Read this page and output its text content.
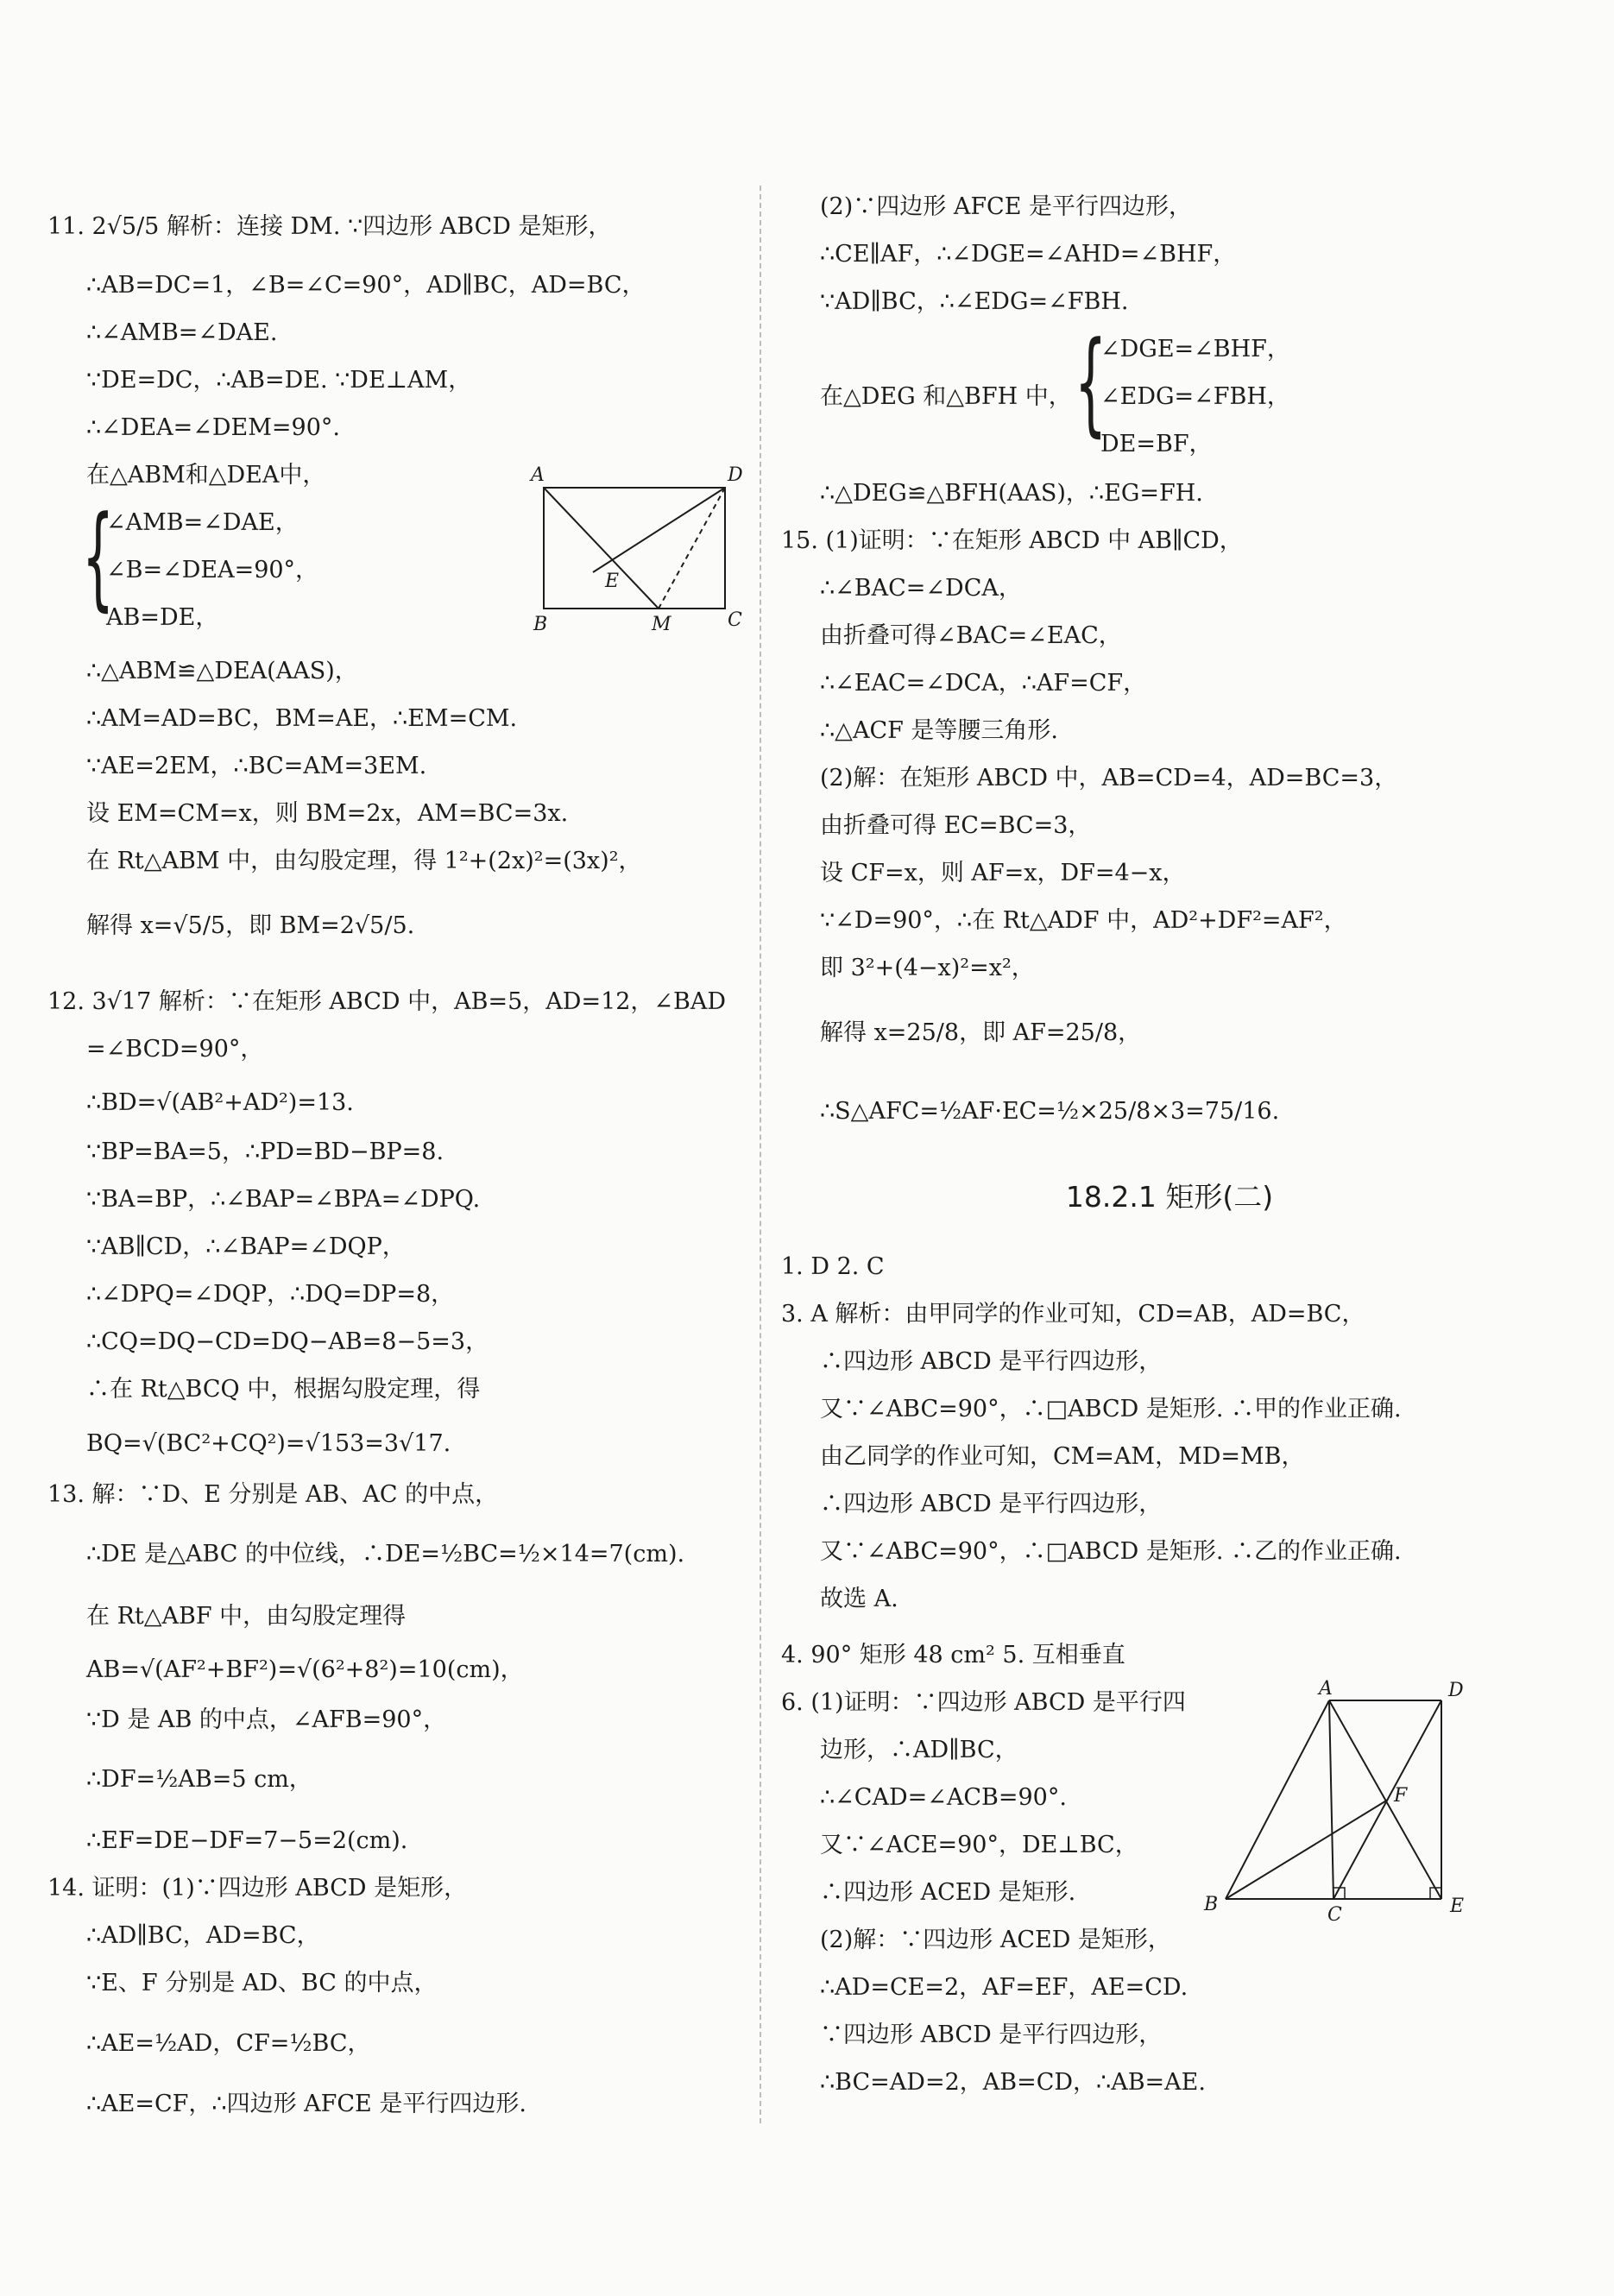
11. 2√5/5 解析：连接 DM. ∵四边形 ABCD 是矩形，
∴AB=DC=1，∠B=∠C=90°，AD∥BC，AD=BC，
∴∠AMB=∠DAE.
∵DE=DC，∴AB=DE. ∵DE⊥AM，
∴∠DEA=∠DEM=90°.
在△ABM和△DEA中，
{
∠AMB=∠DAE，
∠B=∠DEA=90°，
AB=DE，
∴△ABM≌△DEA(AAS)，
∴AM=AD=BC，BM=AE，∴EM=CM.
∵AE=2EM，∴BC=AM=3EM.
设 EM=CM=x，则 BM=2x，AM=BC=3x.
在 Rt△ABM 中，由勾股定理，得 1²+(2x)²=(3x)²，
解得 x=√5/5，即 BM=2√5/5.
12. 3√17 解析：∵在矩形 ABCD 中，AB=5，AD=12，∠BAD
=∠BCD=90°，
∴BD=√(AB²+AD²)=13.
∵BP=BA=5，∴PD=BD−BP=8.
∵BA=BP，∴∠BAP=∠BPA=∠DPQ.
∵AB∥CD，∴∠BAP=∠DQP，
∴∠DPQ=∠DQP，∴DQ=DP=8，
∴CQ=DQ−CD=DQ−AB=8−5=3，
∴在 Rt△BCQ 中，根据勾股定理，得
BQ=√(BC²+CQ²)=√153=3√17.
13. 解：∵D、E 分别是 AB、AC 的中点，
∴DE 是△ABC 的中位线，∴DE=½BC=½×14=7(cm).
在 Rt△ABF 中，由勾股定理得
AB=√(AF²+BF²)=√(6²+8²)=10(cm)，
∵D 是 AB 的中点，∠AFB=90°，
∴DF=½AB=5 cm，
∴EF=DE−DF=7−5=2(cm).
14. 证明：(1)∵四边形 ABCD 是矩形，
∴AD∥BC，AD=BC，
∵E、F 分别是 AD、BC 的中点，
∴AE=½AD，CF=½BC，
∴AE=CF，∴四边形 AFCE 是平行四边形.
A	D
E
B	M	C
(2)∵四边形 AFCE 是平行四边形，
∴CE∥AF，∴∠DGE=∠AHD=∠BHF，
∵AD∥BC，∴∠EDG=∠FBH.
{
∠DGE=∠BHF，
在△DEG 和△BFH 中， ∠EDG=∠FBH，
DE=BF，
∴△DEG≌△BFH(AAS)，∴EG=FH.
15. (1)证明：∵在矩形 ABCD 中 AB∥CD，
∴∠BAC=∠DCA，
由折叠可得∠BAC=∠EAC，
∴∠EAC=∠DCA，∴AF=CF，
∴△ACF 是等腰三角形.
(2)解：在矩形 ABCD 中，AB=CD=4，AD=BC=3，
由折叠可得 EC=BC=3，
设 CF=x，则 AF=x，DF=4−x，
∵∠D=90°，∴在 Rt△ADF 中，AD²+DF²=AF²，
即 3²+(4−x)²=x²，
解得 x=25/8，即 AF=25/8，
∴S△AFC=½AF·EC=½×25/8×3=75/16.
18.2.1 矩形(二)
1. D 2. C
3. A 解析：由甲同学的作业可知，CD=AB，AD=BC，
∴四边形 ABCD 是平行四边形，
又∵∠ABC=90°，∴□ABCD 是矩形. ∴甲的作业正确.
由乙同学的作业可知，CM=AM，MD=MB，
∴四边形 ABCD 是平行四边形，
又∵∠ABC=90°，∴□ABCD 是矩形. ∴乙的作业正确.
故选 A.
4. 90° 矩形 48 cm² 5. 互相垂直
6. (1)证明：∵四边形 ABCD 是平行四
边形，∴AD∥BC，
∴∠CAD=∠ACB=90°.
又∵∠ACE=90°，DE⊥BC，
∴四边形 ACED 是矩形.
(2)解：∵四边形 ACED 是矩形，
∴AD=CE=2，AF=EF，AE=CD.
∵四边形 ABCD 是平行四边形，
∴BC=AD=2，AB=CD，∴AB=AE.
A	D
F
B	C	E
